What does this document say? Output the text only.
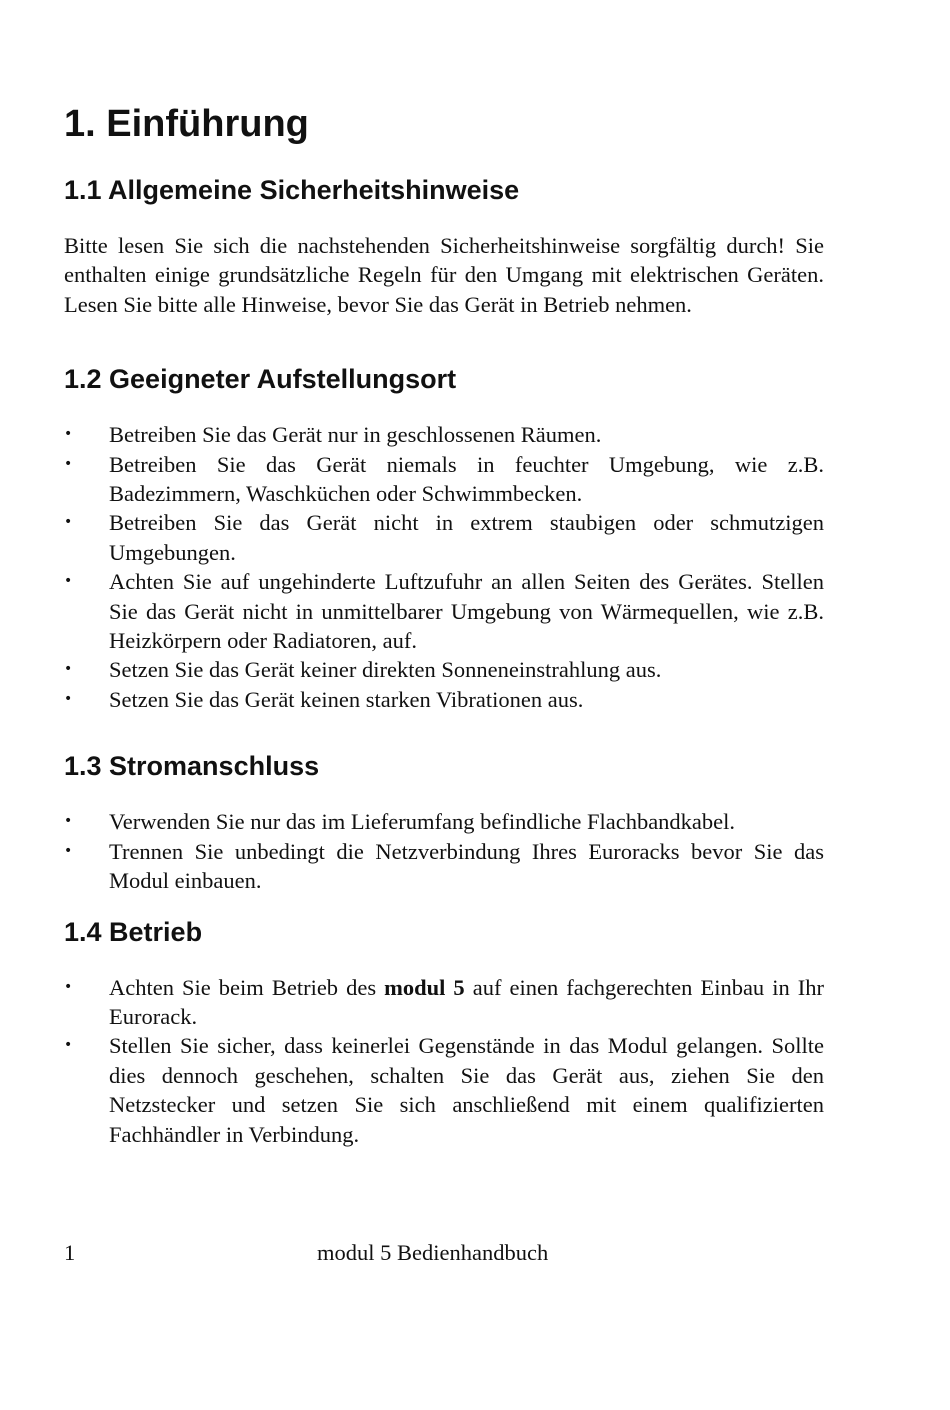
1. Einführung
1.1 Allgemeine Sicherheitshinweise

Bitte lesen Sie sich die nachstehenden Sicherheitshinweise sorgfältig durch! Sie enthalten einige grundsätzliche Regeln für den Umgang mit elektrischen Geräten. Lesen Sie bitte alle Hinweise, bevor Sie das Gerät in Betrieb nehmen.

1.2 Geeigneter Aufstellungsort
•	Betreiben Sie das Gerät nur in geschlossenen Räumen.
•	Betreiben Sie das Gerät niemals in feuchter Umgebung, wie z.B. Badezimmern, Waschküchen oder Schwimmbecken.
•	Betreiben Sie das Gerät nicht in extrem staubigen oder schmutzigen Umgebungen.
•	Achten Sie auf ungehinderte Luftzufuhr an allen Seiten des Gerätes. Stellen Sie das Gerät nicht in unmittelbarer Umgebung von Wärmequellen, wie z.B. Heizkörpern oder Radiatoren, auf.
•	Setzen Sie das Gerät keiner direkten Sonneneinstrahlung aus.
•	Setzen Sie das Gerät keinen starken Vibrationen aus.
1.3 Stromanschluss
•	Verwenden Sie nur das im Lieferumfang befindliche Flachbandkabel.
•	Trennen Sie unbedingt die Netzverbindung Ihres Euroracks bevor Sie das Modul einbauen.
1.4 Betrieb
•	Achten Sie beim Betrieb des modul 5 auf einen fachgerechten Einbau in Ihr Eurorack.
•	Stellen Sie sicher, dass keinerlei Gegenstände in das Modul gelangen. Sollte dies dennoch geschehen, schalten Sie das Gerät aus, ziehen Sie den Netzstecker und setzen Sie sich anschließend mit einem qualifizierten Fachhändler in Verbindung.
1	modul 5 Bedienhandbuch
